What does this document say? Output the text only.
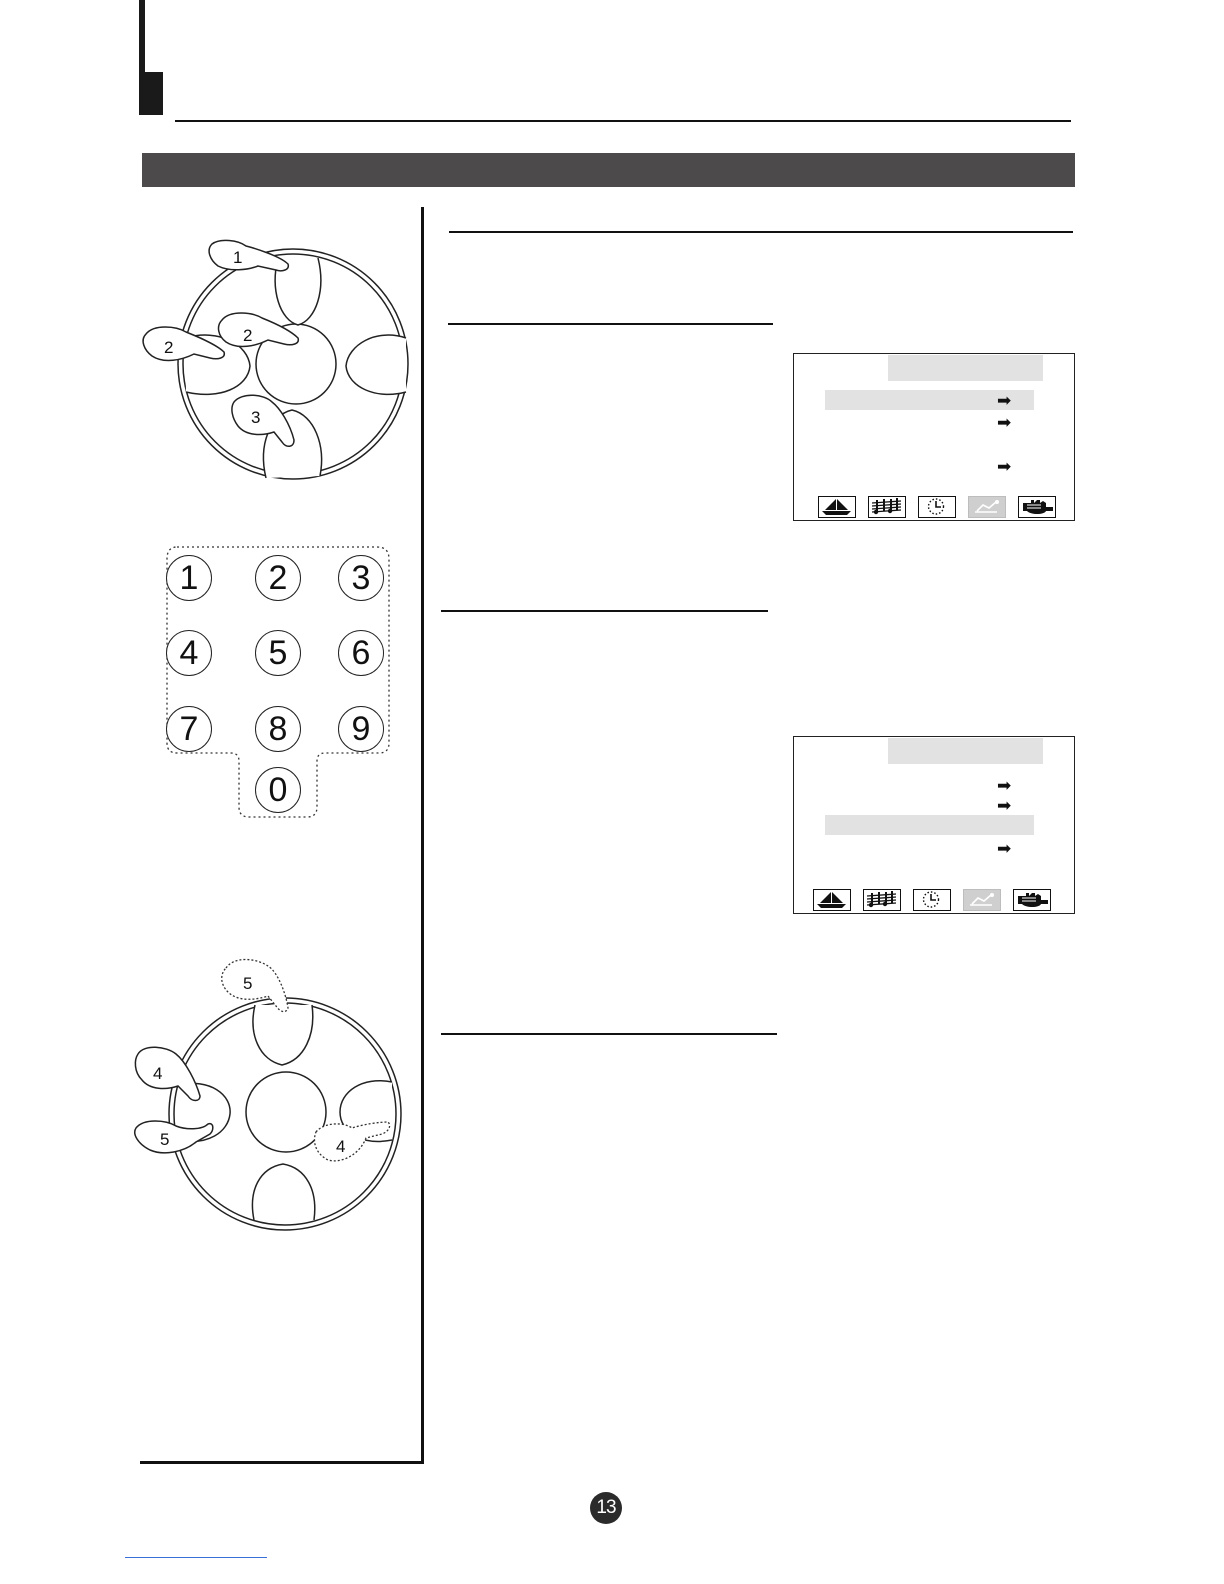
1
2
2
3
1	2	3
4	5	6
7	8	9
0
5
4
5	4
➡
➡
➡
➡
➡
➡
13
